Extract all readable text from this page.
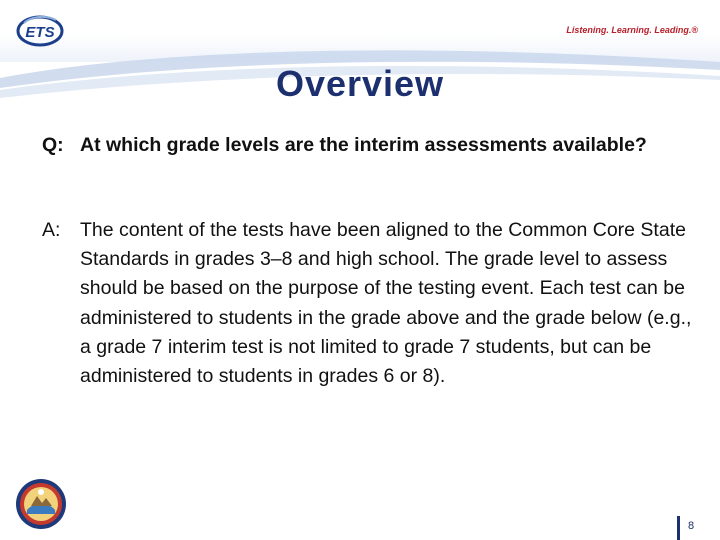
ETS	Listening. Learning. Leading.®
Overview
Q: At which grade levels are the interim assessments available?
A:	The content of the tests have been aligned to the Common Core State Standards in grades 3–8 and high school. The grade level to assess should be based on the purpose of the testing event. Each test can be administered to students in the grade above and the grade below (e.g., a grade 7 interim test is not limited to grade 7 students, but can be administered to students in grades 6 or 8).
8
